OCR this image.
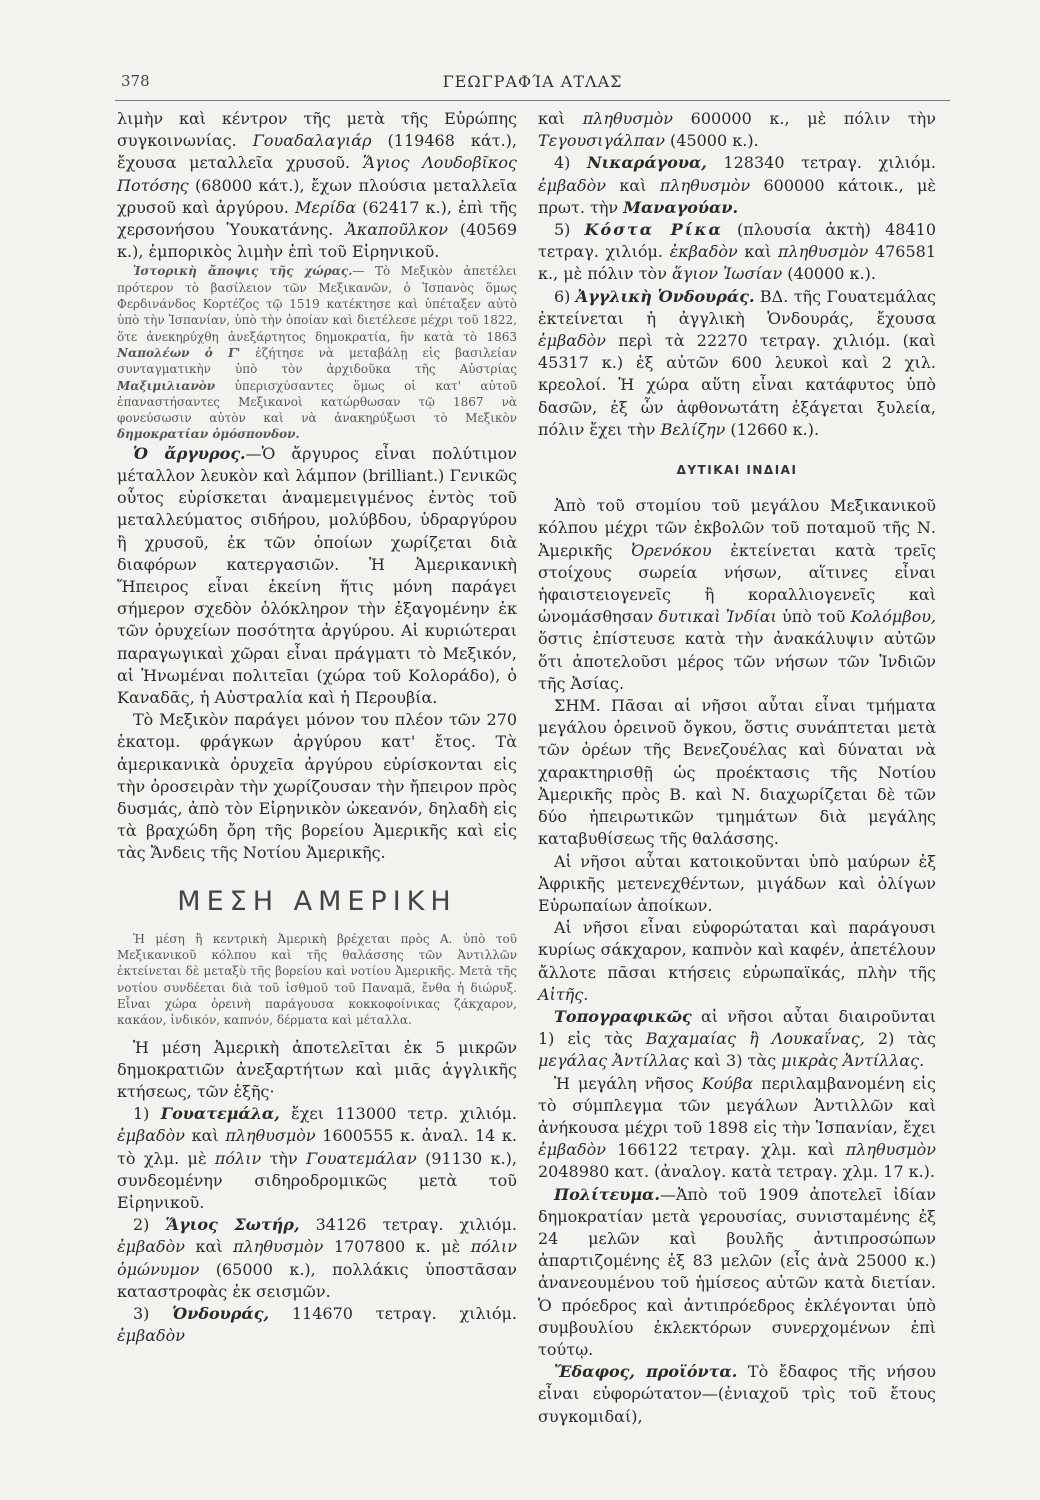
378	ΓΕΩΓΡΑΦΊΑ ΑΤΛΑΣ

λιμὴν καὶ κέντρον τῆς μετὰ τῆς Εὐρώπης συγκοινωνίας. Γουαδαλαγιάρ (119468 κάτ.), ἔχουσα μεταλλεῖα χρυσοῦ. Ἅγιος Λουδοβῖκος Ποτόσης (68000 κάτ.), ἔχων πλούσια μεταλλεῖα χρυσοῦ καὶ ἀργύρου. Μερίδα (62417 κ.), ἐπὶ τῆς χερσονήσου Ὑουκατάνης. Ἀκαποῦλκον (40569 κ.), ἐμπορικὸς λιμὴν ἐπὶ τοῦ Εἰρηνικοῦ.

Ἱστορικὴ ἄποψις τῆς χώρας.— Τὸ Μεξικὸν ἀπετέλει πρότερον τὸ βασίλειον τῶν Μεξικανῶν, ὁ Ἱσπανὸς ὅμως Φερδινάνδος Κορτέζος τῷ 1519 κατέκτησε καὶ ὑπέταξεν αὐτὸ ὑπὸ τὴν Ἱσπανίαν, ὑπὸ τὴν ὁποίαν καὶ διετέλεσε μέχρι τοῦ 1822, ὅτε ἀνεκηρύχθη ἀνεξάρτητος δημοκρατία, ἣν κατὰ τὸ 1863 Ναπολέων ὁ Γ' ἐζήτησε νὰ μεταβάλῃ εἰς βασιλείαν συνταγματικὴν ὑπὸ τὸν ἀρχιδοῦκα τῆς Αὐστρίας Μαξιμιλιανὸν ὑπερισχύσαντες ὅμως οἱ κατ' αὐτοῦ ἐπαναστήσαντες Μεξικανοὶ κατώρθωσαν τῷ 1867 νὰ φονεύσωσιν αὐτὸν καὶ νὰ ἀνακηρύξωσι τὸ Μεξικὸν δημοκρατίαν ὁμόσπονδον.

Ὁ ἄργυρος.—Ὁ ἄργυρος εἶναι πολύτιμον μέταλλον λευκὸν καὶ λάμπον (brilliant.) Γενικῶς οὗτος εὑρίσκεται ἀναμεμειγμένος ἐντὸς τοῦ μεταλλεύματος σιδήρου, μολύβδου, ὑδραργύρου ἢ χρυσοῦ, ἐκ τῶν ὁποίων χωρίζεται διὰ διαφόρων κατεργασιῶν. Ἡ Ἀμερικανικὴ Ἤπειρος εἶναι ἐκείνη ἥτις μόνη παράγει σήμερον σχεδὸν ὁλόκληρον τὴν ἐξαγομένην ἐκ τῶν ὀρυχείων ποσότητα ἀργύρου. Αἱ κυριώτεραι παραγωγικαὶ χῶραι εἶναι πράγματι τὸ Μεξικόν, αἱ Ἡνωμέναι πολιτεῖαι (χώρα τοῦ Κολοράδο), ὁ Καναδᾶς, ἡ Αὐστραλία καὶ ἡ Περουβία.

Τὸ Μεξικὸν παράγει μόνον του πλέον τῶν 270 ἑκατομ. φράγκων ἀργύρου κατ' ἔτος. Τὰ ἀμερικανικὰ ὀρυχεῖα ἀργύρου εὑρίσκονται εἰς τὴν ὀροσειρὰν τὴν χωρίζουσαν τὴν ἤπειρον πρὸς δυσμάς, ἀπὸ τὸν Εἰρηνικὸν ὠκεανόν, δηλαδὴ εἰς τὰ βραχώδη ὄρη τῆς βορείου Ἀμερικῆς καὶ εἰς τὰς Ἄνδεις τῆς Νοτίου Ἀμερικῆς.

ΜΕΣΗ ΑΜΕΡΙΚΗ

Ἡ μέση ἢ κεντρικὴ Ἀμερικὴ βρέχεται πρὸς Α. ὑπὸ τοῦ Μεξικανικοῦ κόλπου καὶ τῆς θαλάσσης τῶν Ἀντιλλῶν ἐκτείνεται δὲ μεταξὺ τῆς βορείου καὶ νοτίου Ἀμερικῆς. Μετὰ τῆς νοτίου συνδέεται διὰ τοῦ ἰσθμοῦ τοῦ Παναμᾶ, ἔνθα ἡ διώρυξ. Εἶναι χώρα ὀρεινὴ παράγουσα κοκκοφοίνικας ζάκχαρον, κακάον, ἰνδικόν, καπνόν, δέρματα καὶ μέταλλα.

Ἡ μέση Ἀμερικὴ ἀποτελεῖται ἐκ 5 μικρῶν δημοκρατιῶν ἀνεξαρτήτων καὶ μιᾶς ἀγγλικῆς κτήσεως, τῶν ἑξῆς·

1) Γουατεμάλα, ἔχει 113000 τετρ. χιλιόμ. ἐμβαδὸν καὶ πληθυσμὸν 1600555 κ. ἀναλ. 14 κ. τὸ χλμ. μὲ πόλιν τὴν Γουατεμάλαν (91130 κ.), συνδεομένην σιδηροδρομικῶς μετὰ τοῦ Εἰρηνικοῦ.

2) Ἅγιος Σωτήρ, 34126 τετραγ. χιλιόμ. ἐμβαδὸν καὶ πληθυσμὸν 1707800 κ. μὲ πόλιν ὁμώνυμον (65000 κ.), πολλάκις ὑποστᾶσαν καταστροφὰς ἐκ σεισμῶν.

3) Ὁνδουράς, 114670 τετραγ. χιλιόμ. ἐμβαδὸν

καὶ πληθυσμὸν 600000 κ., μὲ πόλιν τὴν Τεγουσιγάλπαν (45000 κ.).

4) Νικαράγουα, 128340 τετραγ. χιλιόμ. ἐμβαδὸν καὶ πληθυσμὸν 600000 κάτοικ., μὲ πρωτ. τὴν Μαναγούαν.

5) Κόστα Ρίκα (πλουσία ἀκτὴ) 48410 τετραγ. χιλιόμ. ἐκβαδὸν καὶ πληθυσμὸν 476581 κ., μὲ πόλιν τὸν ἅγιον Ἰωσίαν (40000 κ.).

6) Ἀγγλικὴ Ὁνδουράς. ΒΔ. τῆς Γουατεμάλας ἐκτείνεται ἡ ἀγγλικὴ Ὁνδουράς, ἔχουσα ἐμβαδὸν περὶ τὰ 22270 τετραγ. χιλιόμ. (καὶ 45317 κ.) ἐξ αὐτῶν 600 λευκοὶ καὶ 2 χιλ. κρεολοί. Ἡ χώρα αὕτη εἶναι κατάφυτος ὑπὸ δασῶν, ἐξ ὧν ἀφθονωτάτη ἐξάγεται ξυλεία, πόλιν ἔχει τὴν Βελίζην (12660 κ.).

ΔΥΤΙΚΑΙ ΙΝΔΙΑΙ

Ἀπὸ τοῦ στομίου τοῦ μεγάλου Μεξικανικοῦ κόλπου μέχρι τῶν ἐκβολῶν τοῦ ποταμοῦ τῆς Ν. Ἀμερικῆς Ὀρενόκου ἐκτείνεται κατὰ τρεῖς στοίχους σωρεία νήσων, αἵτινες εἶναι ἡφαιστειογενεῖς ἢ κοραλλιογενεῖς καὶ ὠνομάσθησαν δυτικαὶ Ἰνδίαι ὑπὸ τοῦ Κολόμβου, ὅστις ἐπίστευσε κατὰ τὴν ἀνακάλυψιν αὐτῶν ὅτι ἀποτελοῦσι μέρος τῶν νήσων τῶν Ἰνδιῶν τῆς Ἀσίας.

ΣΗΜ. Πᾶσαι αἱ νῆσοι αὗται εἶναι τμήματα μεγάλου ὀρεινοῦ ὄγκου, ὅστις συνάπτεται μετὰ τῶν ὀρέων τῆς Βενεζουέλας καὶ δύναται νὰ χαρακτηρισθῇ ὡς προέκτασις τῆς Νοτίου Ἀμερικῆς πρὸς Β. καὶ Ν. διαχωρίζεται δὲ τῶν δύο ἠπειρωτικῶν τμημάτων διὰ μεγάλης καταβυθίσεως τῆς θαλάσσης.

Αἱ νῆσοι αὗται κατοικοῦνται ὑπὸ μαύρων ἐξ Ἀφρικῆς μετενεχθέντων, μιγάδων καὶ ὀλίγων Εὐρωπαίων ἀποίκων.

Αἱ νῆσοι εἶναι εὐφορώταται καὶ παράγουσι κυρίως σάκχαρον, καπνὸν καὶ καφέν, ἀπετέλουν ἄλλοτε πᾶσαι κτήσεις εὐρωπαϊκάς, πλὴν τῆς Αἰτῆς.

Τοπογραφικῶς αἱ νῆσοι αὗται διαιροῦνται 1) εἰς τὰς Βαχαμαίας ἢ Λουκαΐνας, 2) τὰς μεγάλας Ἀντίλλας καὶ 3) τὰς μικρὰς Ἀντίλλας.

Ἡ μεγάλη νῆσος Κούβα περιλαμβανομένη εἰς τὸ σύμπλεγμα τῶν μεγάλων Ἀντιλλῶν καὶ ἀνήκουσα μέχρι τοῦ 1898 εἰς τὴν Ἱσπανίαν, ἔχει ἐμβαδὸν 166122 τετραγ. χλμ. καὶ πληθυσμὸν 2048980 κατ. (ἀναλογ. κατὰ τετραγ. χλμ. 17 κ.).

Πολίτευμα.—Ἀπὸ τοῦ 1909 ἀποτελεῖ ἰδίαν δημοκρατίαν μετὰ γερουσίας, συνισταμένης ἐξ 24 μελῶν καὶ βουλῆς ἀντιπροσώπων ἀπαρτιζομένης ἐξ 83 μελῶν (εἷς ἀνὰ 25000 κ.) ἀνανεουμένου τοῦ ἡμίσεος αὐτῶν κατὰ διετίαν. Ὁ πρόεδρος καὶ ἀντιπρόεδρος ἐκλέγονται ὑπὸ συμβουλίου ἐκλεκτόρων συνερχομένων ἐπὶ τούτῳ.

Ἔδαφος, προϊόντα. Τὸ ἔδαφος τῆς νήσου εἶναι εὐφορώτατον—(ἐνιαχοῦ τρὶς τοῦ ἔτους συγκομιδαί),
